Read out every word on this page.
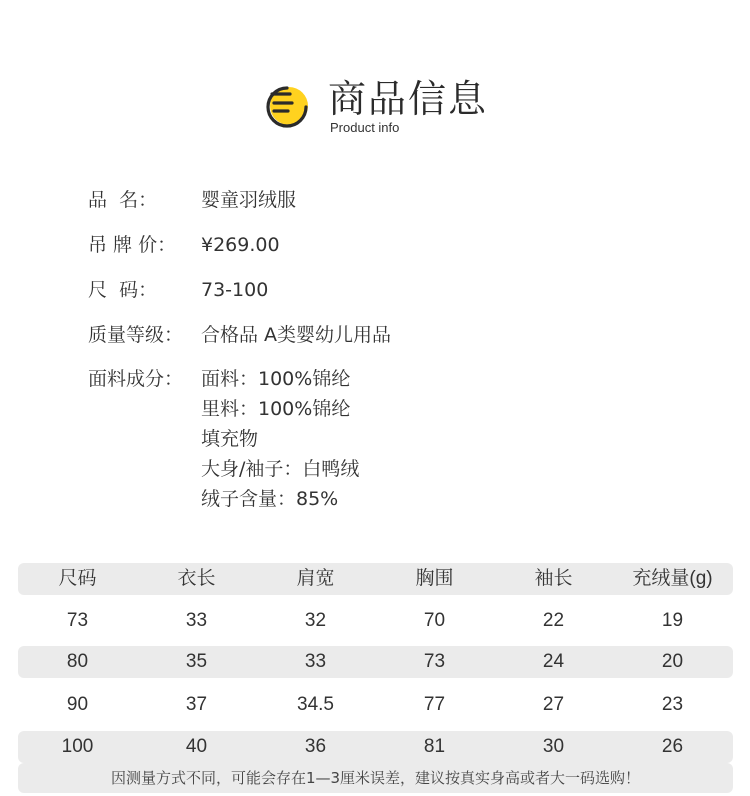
商品信息
Product info
品  名：	婴童羽绒服
吊 牌 价：	¥269.00
尺  码：	73-100
质量等级： 合格品 A类婴幼儿用品
面料成分： 面料：100%锦纶
里料：100%锦纶
填充物
大身/袖子：白鸭绒
绒子含量：85%
尺码	衣长	肩宽	胸围	袖长	充绒量(g)
73	33	32	70	22	19
80	35	33	73	24	20
90	37	34.5	77	27	23
100	40	36	81	30	26
因测量方式不同，可能会存在1—3厘米误差，建议按真实身高或者大一码选购！
